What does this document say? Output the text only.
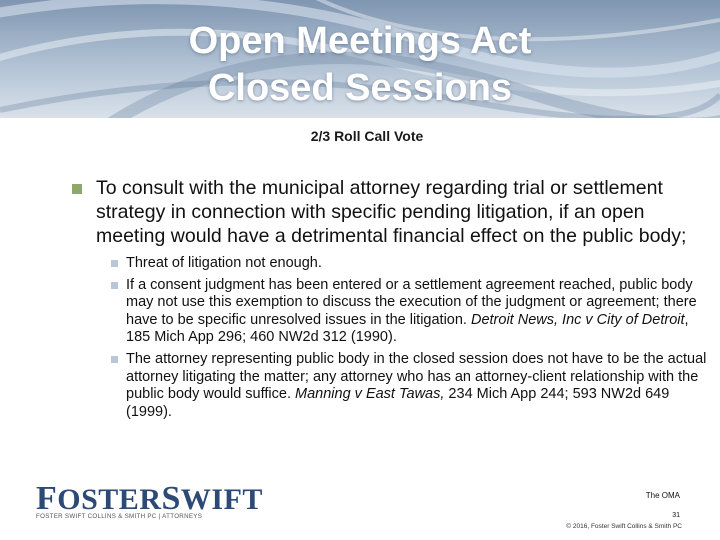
Open Meetings Act
Closed Sessions
2/3 Roll Call Vote
To consult with the municipal attorney regarding trial or settlement strategy in connection with specific pending litigation, if an open meeting would have a detrimental financial effect on the public body;
Threat of litigation not enough.
If a consent judgment has been entered or a settlement agreement reached, public body may not use this exemption to discuss the execution of the judgment or agreement; there have to be specific unresolved issues in the litigation. Detroit News, Inc v City of Detroit, 185 Mich App 296; 460 NW2d 312 (1990).
The attorney representing public body in the closed session does not have to be the actual attorney litigating the matter; any attorney who has an attorney-client relationship with the public body would suffice. Manning v East Tawas, 234 Mich App 244; 593 NW2d 649 (1999).
FOSTERSWIFT
FOSTER SWIFT COLLINS & SMITH PC | ATTORNEYS
The OMA
31
© 2016, Foster Swift Collins & Smith PC
